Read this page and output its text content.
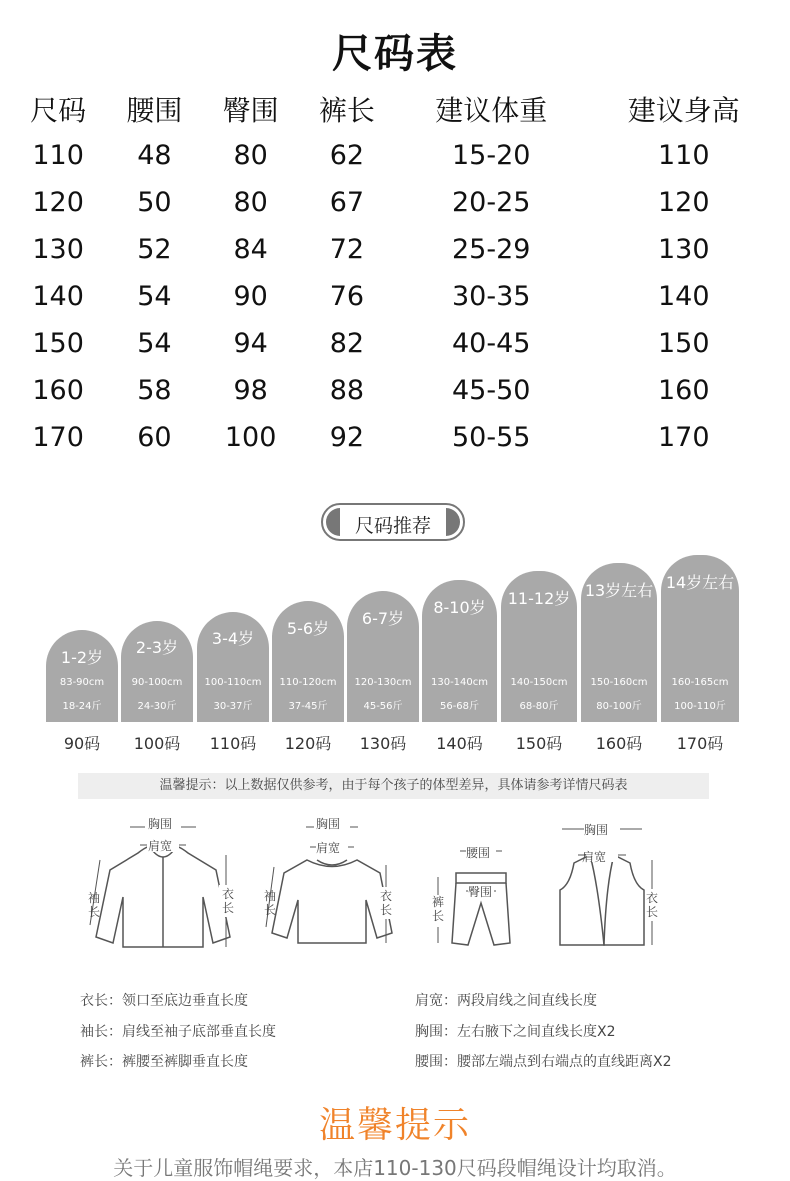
尺码表
尺码	腰围	臀围	裤长	建议体重	建议身高
110	48	80	62	15-20	110
120	50	80	67	20-25	120
130	52	84	72	25-29	130
140	54	90	76	30-35	140
150	54	94	82	40-45	150
160	58	98	88	45-50	160
170	60	100	92	50-55	170
尺码推荐
1-2岁
83-90cm
18-24斤
2-3岁
90-100cm
24-30斤
3-4岁
100-110cm
30-37斤
5-6岁
110-120cm
37-45斤
6-7岁
120-130cm
45-56斤
8-10岁
130-140cm
56-68斤
11-12岁
140-150cm
68-80斤
13岁左右
150-160cm
80-100斤
14岁左右
160-165cm
100-110斤
90码	100码	110码	120码	130码	140码	150码	160码	170码
温馨提示：以上数据仅供参考，由于每个孩子的体型差异，具体请参考详情尺码表
胸围
肩宽
衣长
袖长
胸围
肩宽
衣长
袖长
腰围
臀围
裤长
胸围
肩宽
衣长
衣长：领口至底边垂直长度
袖长：肩线至袖子底部垂直长度
裤长：裤腰至裤脚垂直长度
肩宽：两段肩线之间直线长度
胸围：左右腋下之间直线长度X2
腰围：腰部左端点到右端点的直线距离X2
温馨提示
关于儿童服饰帽绳要求，本店110-130尺码段帽绳设计均取消。
